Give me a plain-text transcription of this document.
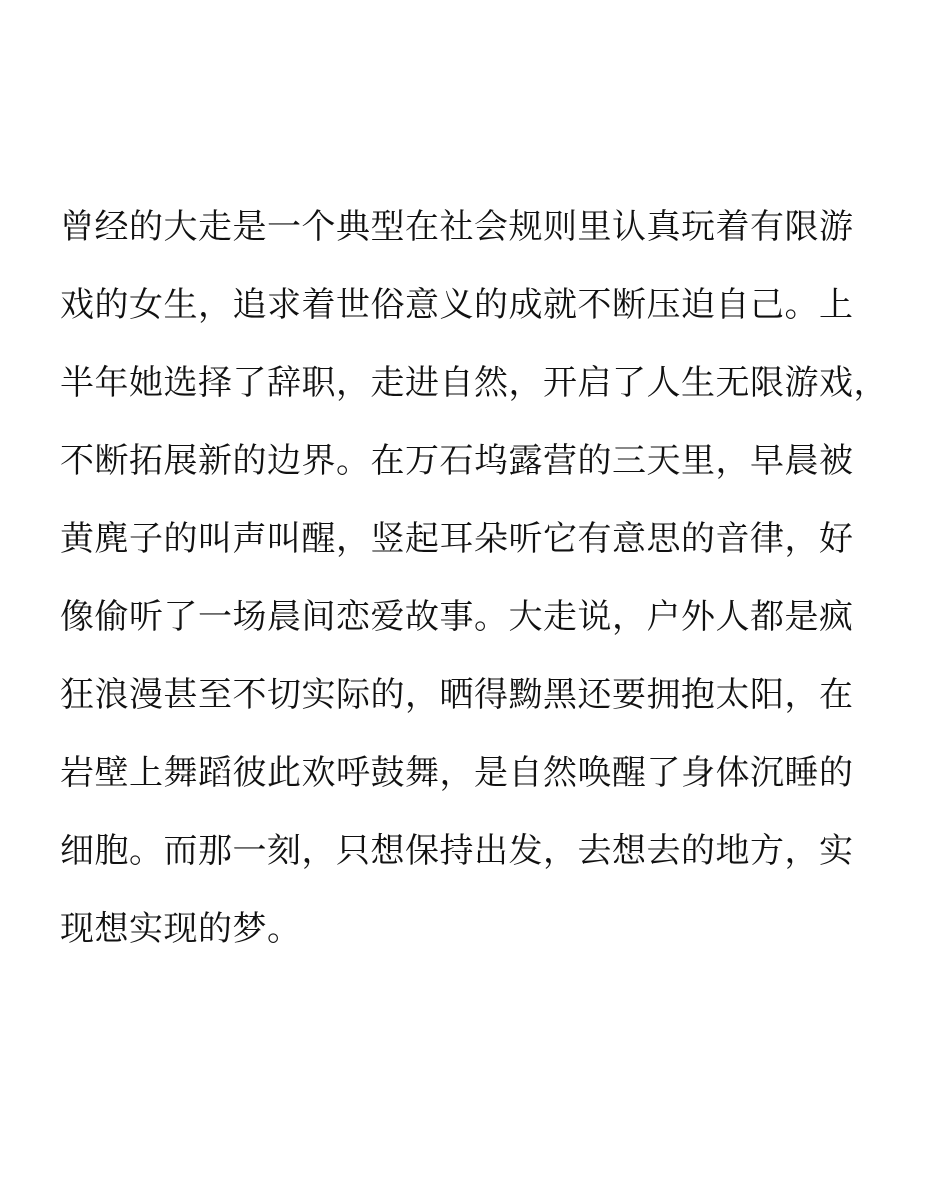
曾经的大走是一个典型在社会规则里认真玩着有限游
戏的女生，追求着世俗意义的成就不断压迫自己。上
半年她选择了辞职，走进自然，开启了人生无限游戏，
不断拓展新的边界。在万石坞露营的三天里，早晨被
黄麂子的叫声叫醒，竖起耳朵听它有意思的音律，好
像偷听了一场晨间恋爱故事。大走说，户外人都是疯
狂浪漫甚至不切实际的，晒得黝黑还要拥抱太阳，在
岩壁上舞蹈彼此欢呼鼓舞，是自然唤醒了身体沉睡的
细胞。而那一刻，只想保持出发，去想去的地方，实
现想实现的梦。
